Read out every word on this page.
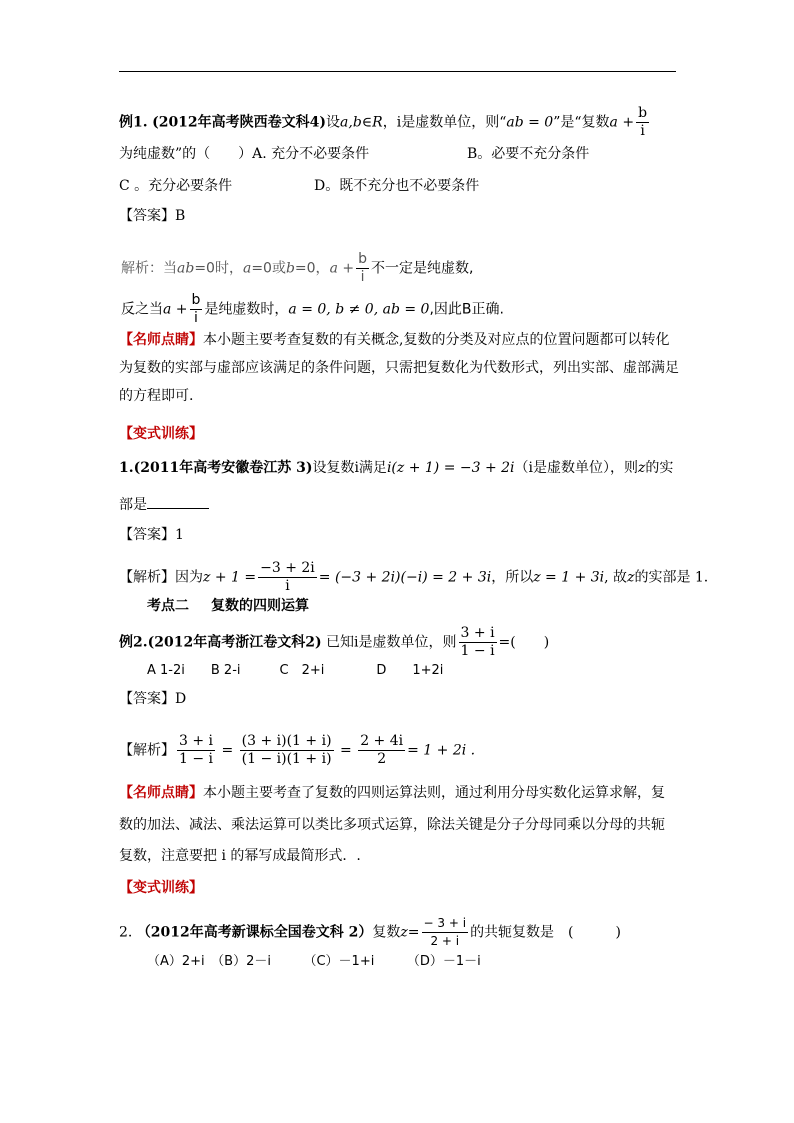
例1. (2012年高考陕西卷文科4)设a,b∈R，i是虚数单位，则“ab = 0”是“复数$a + \frac{b}{i}$
为纯虚数”的（　　）A. 充分不必要条件	B。必要不充分条件
C 。充分必要条件	D。既不充分也不必要条件
【答案】B
解析：当ab=0时，a=0或b=0，$a + \frac{b}{i}$ 不一定是纯虚数,
反之当$a + \frac{b}{i}$ 是纯虚数时，a = 0, b ≠ 0, ab = 0,因此B正确.
【名师点睛】本小题主要考查复数的有关概念,复数的分类及对应点的位置问题都可以转化
为复数的实部与虚部应该满足的条件问题，只需把复数化为代数形式，列出实部、虚部满足
的方程即可.
【变式训练】
1.(2011年高考安徽卷江苏 3)设复数i满足i(z + 1) = −3 + 2i（i是虚数单位），则z的实
部是
【答案】1
【解析】因为$z + 1 = \frac{-3 + 2i}{i} = (-3 + 2i)(-i) = 2 + 3i$，所以z = 1 + 3i, 故z的实部是 1.
考点二 复数的四则运算
例2.(2012年高考浙江卷文科2) 已知i是虚数单位，则 $\frac{3 + i}{1 - i}$ =(　　)
A 1-2i　　B 2-i　　　C　2+i　　　　D　　1+2i
【答案】D
【解析】 $\frac{3 + i}{1 - i} = \frac{(3 + i)(1 + i)}{(1 - i)(1 + i)} = \frac{2 + 4i}{2} = 1 + 2i$ .
【名师点睛】本小题主要考查了复数的四则运算法则，通过利用分母实数化运算求解，复
数的加法、减法、乘法运算可以类比多项式运算，除法关键是分子分母同乘以分母的共轭
复数，注意要把 i 的幂写成最简形式．.
【变式训练】
2. （2012年高考新课标全国卷文科 2）复数$z= \frac{- 3 + i}{2 + i}$ 的共轭复数是　(　　　)
（A）2+i　（B）2－i　　　（C）－1+i　　　（D）－1－i
